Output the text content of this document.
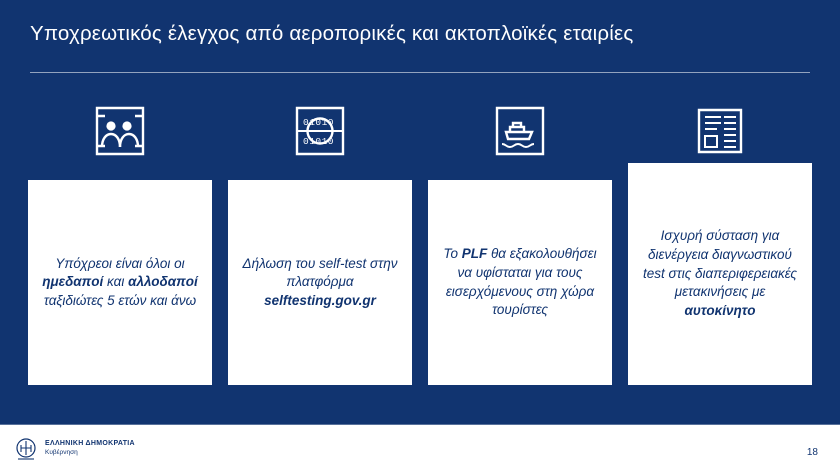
Υποχρεωτικός έλεγχος από αεροπορικές και ακτοπλοϊκές εταιρίες
Υπόχρεοι είναι όλοι οι ημεδαποί και αλλοδαποί ταξιδιώτες 5 ετών και άνω
01010
01010
Δήλωση του self-test στην πλατφόρμα selftesting.gov.gr
Το PLF θα εξακολουθήσει να υφίσταται για τους εισερχόμενους στη χώρα τουρίστες
Ισχυρή σύσταση για διενέργεια διαγνωστικού test στις διαπεριφερειακές μετακινήσεις με αυτοκίνητο
ΕΛΛΗΝΙΚΗ ΔΗΜΟΚΡΑΤΙΑ
Κυβέρνηση	18
